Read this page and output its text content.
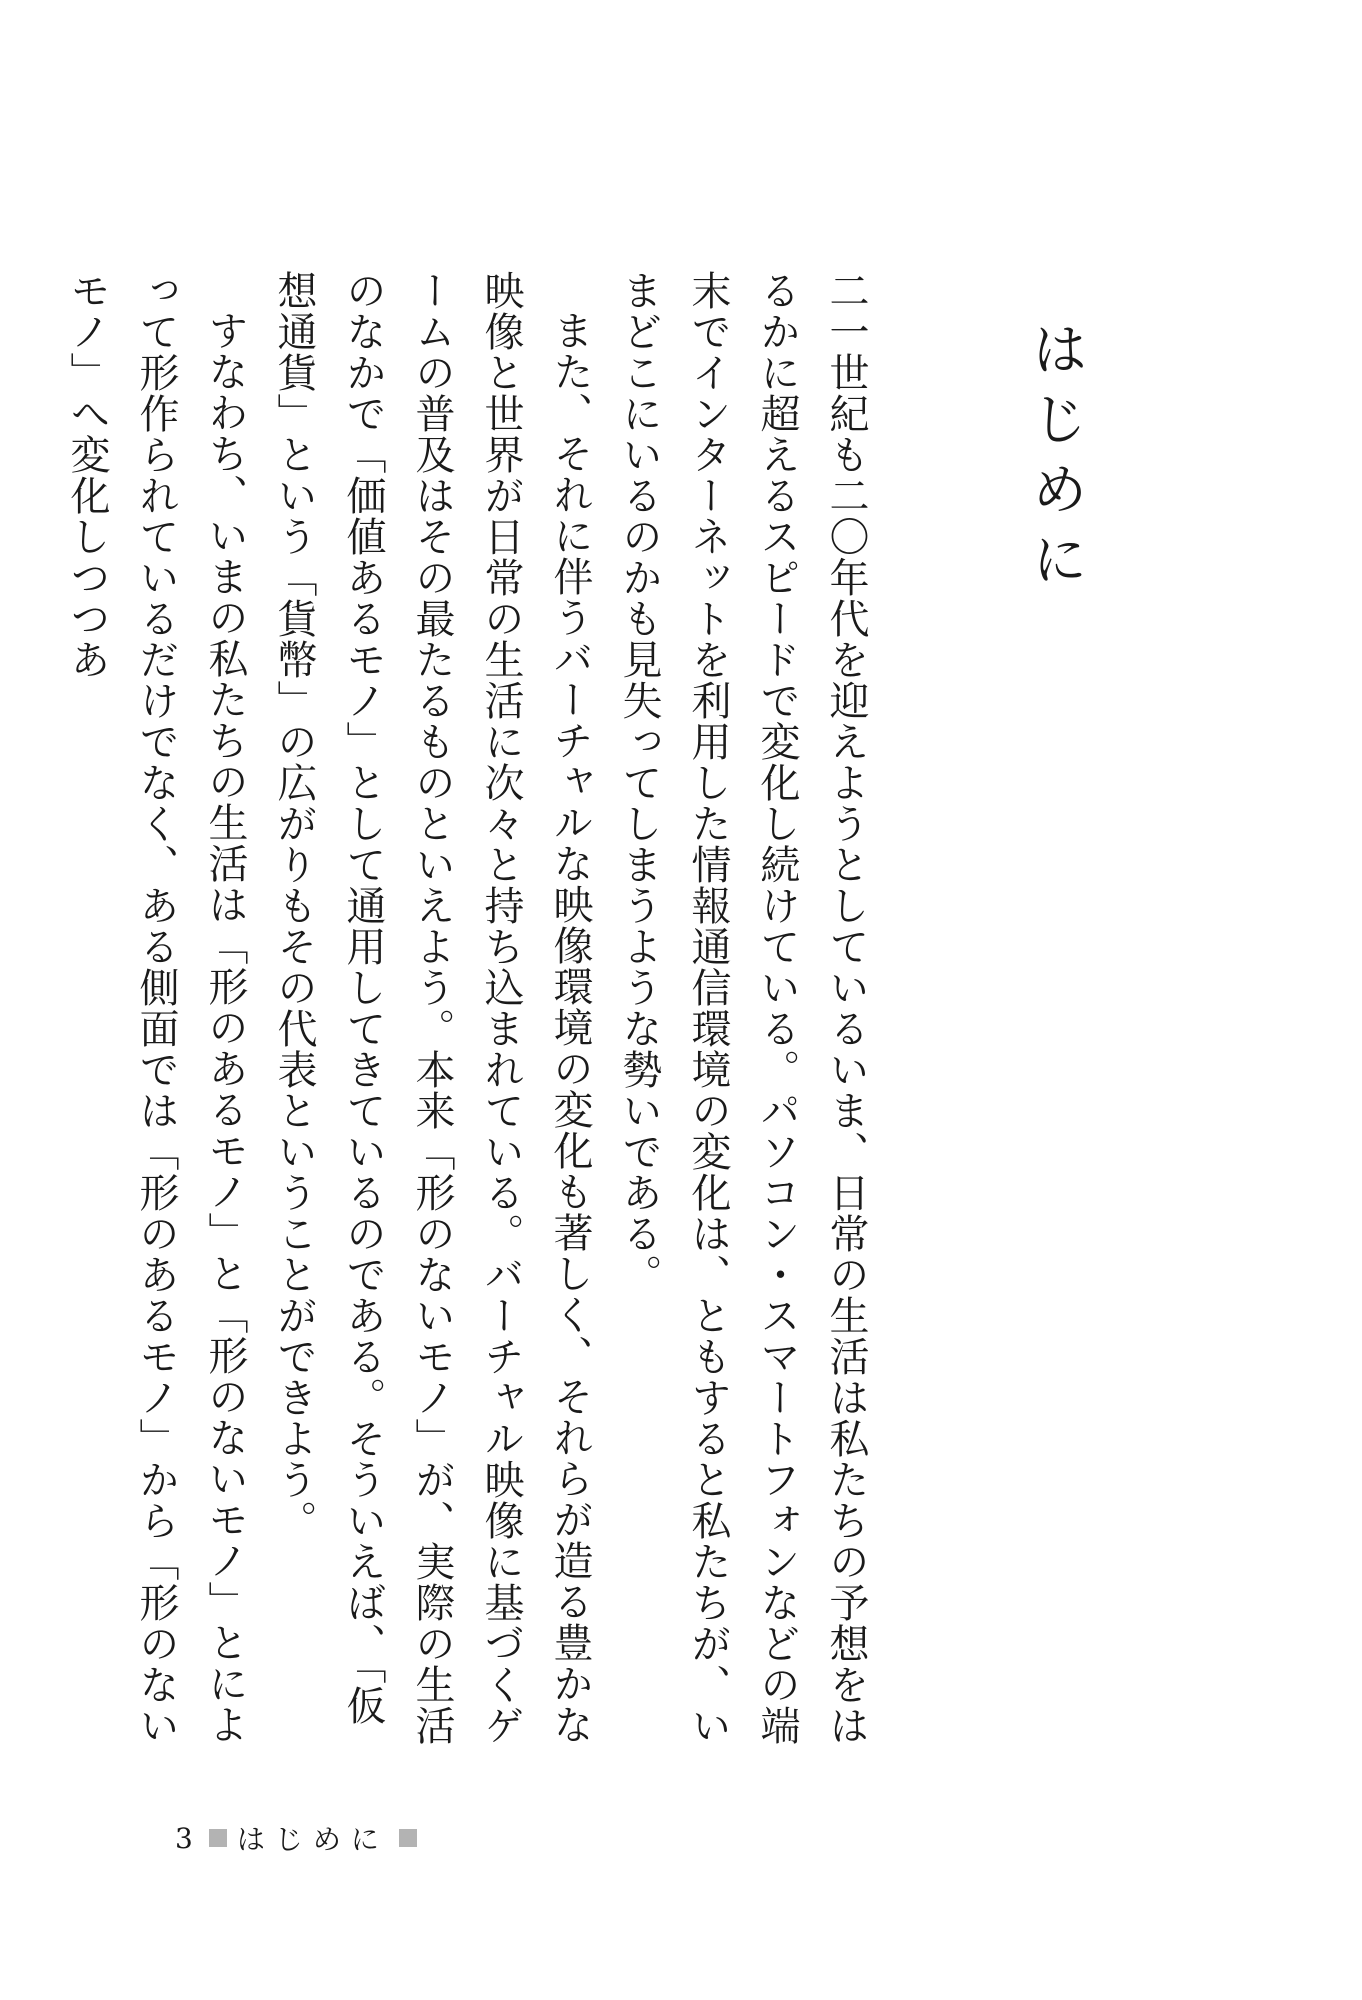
はじめに

二一世紀も二〇年代を迎えようとしているいま、日常の生活は私たちの予想をはるかに超えるスピードで変化し続けている。パソコン・スマートフォンなどの端末でインターネットを利用した情報通信環境の変化は、ともすると私たちが、いまどこにいるのかも見失ってしまうような勢いである。

また、それに伴うバーチャルな映像環境の変化も著しく、それらが造る豊かな映像と世界が日常の生活に次々と持ち込まれている。バーチャル映像に基づくゲームの普及はその最たるものといえよう。本来「形のないモノ」が、実際の生活のなかで「価値あるモノ」として通用してきているのである。そういえば、「仮想通貨」という「貨幣」の広がりもその代表ということができよう。

すなわち、いまの私たちの生活は「形のあるモノ」と「形のないモノ」とによって形作られているだけでなく、ある側面では「形のあるモノ」から「形のないモノ」へ変化しつつあ

3 はじめに
